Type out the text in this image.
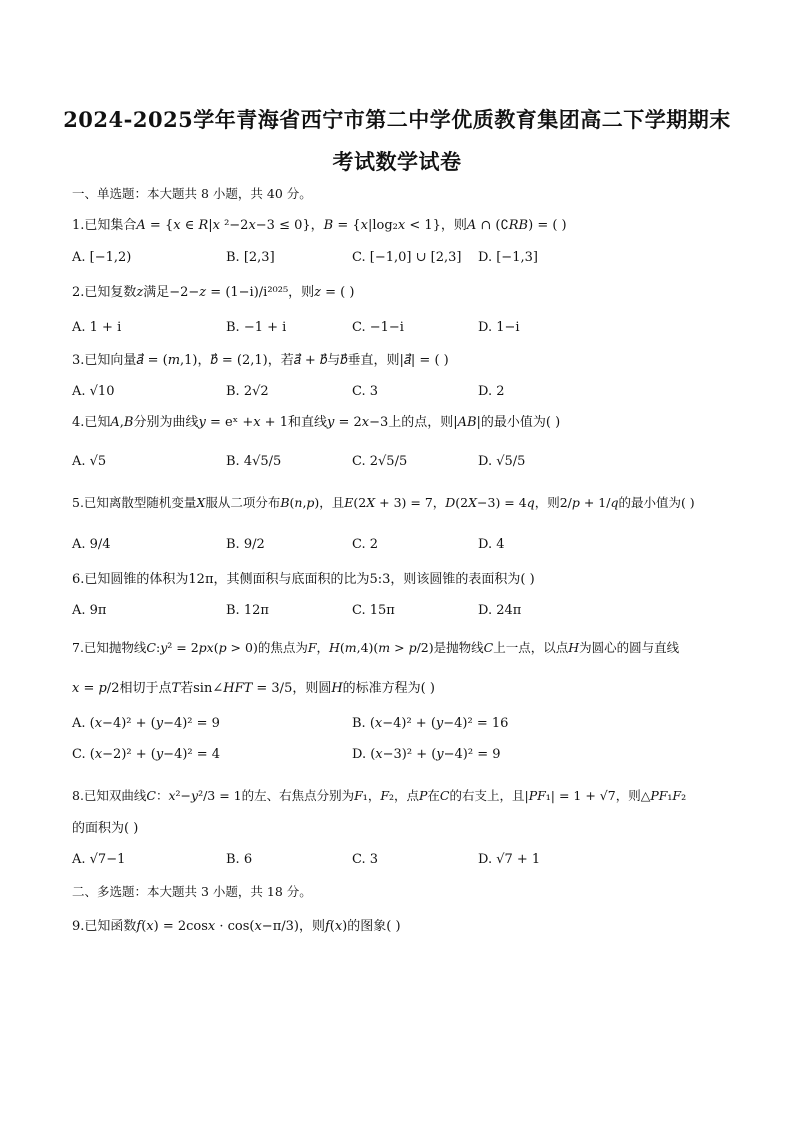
2024-2025学年青海省西宁市第二中学优质教育集团高二下学期期末
考试数学试卷
一、单选题：本大题共 8 小题，共 40 分。
1.已知集合𝐴 = {𝑥 ∈ 𝑅|𝑥 ²−2𝑥−3 ≤ 0}，𝐵 = {𝑥|log₂𝑥 < 1}，则𝐴 ∩ (∁𝑅𝐵) = ( )
A. [−1,2)	B. [2,3]	C. [−1,0] ∪ [2,3] D. [−1,3]
2.已知复数𝑧满足−2−𝑧 = (1−i)/i²⁰²⁵，则𝑧 = ( )
A. 1 + i	B. −1 + i	C. −1−i	D. 1−i
3.已知向量𝑎⃗ = (𝑚,1)，𝑏⃗ = (2,1)，若𝑎⃗ + 𝑏⃗与𝑏⃗垂直，则|𝑎⃗| = ( )
A. √10	B. 2√2	C. 3	D. 2
4.已知𝐴,𝐵分别为曲线𝑦 = eˣ +𝑥 + 1和直线𝑦 = 2𝑥−3上的点，则|𝐴𝐵|的最小值为( )
A. √5	B. 4√5/5	C. 2√5/5	D. √5/5
5.已知离散型随机变量𝑋服从二项分布𝐵(𝑛,𝑝)，且𝐸(2𝑋 + 3) = 7，𝐷(2𝑋−3) = 4𝑞，则2/𝑝 + 1/𝑞的最小值为( )
A. 9/4	B. 9/2	C. 2	D. 4
6.已知圆锥的体积为12π，其侧面积与底面积的比为5:3，则该圆锥的表面积为( )
A. 9π	B. 12π	C. 15π	D. 24π
7.已知抛物线𝐶:𝑦² = 2𝑝𝑥(𝑝 > 0)的焦点为𝐹，𝐻(𝑚,4)(𝑚 > 𝑝/2)是抛物线𝐶上一点，以点𝐻为圆心的圆与直线
𝑥 = 𝑝/2相切于点𝑇若sin∠𝐻𝐹𝑇 = 3/5，则圆𝐻的标准方程为( )
A. (𝑥−4)² + (𝑦−4)² = 9	B. (𝑥−4)² + (𝑦−4)² = 16
C. (𝑥−2)² + (𝑦−4)² = 4	D. (𝑥−3)² + (𝑦−4)² = 9
8.已知双曲线𝐶：𝑥²−𝑦²/3 = 1的左、右焦点分别为𝐹₁，𝐹₂，点𝑃在𝐶的右支上，且|𝑃𝐹₁| = 1 + √7，则△𝑃𝐹₁𝐹₂
的面积为( )
A. √7−1	B. 6	C. 3	D. √7 + 1
二、多选题：本大题共 3 小题，共 18 分。
9.已知函数𝑓(𝑥) = 2cos𝑥 · cos(𝑥−π/3)，则𝑓(𝑥)的图象( )
